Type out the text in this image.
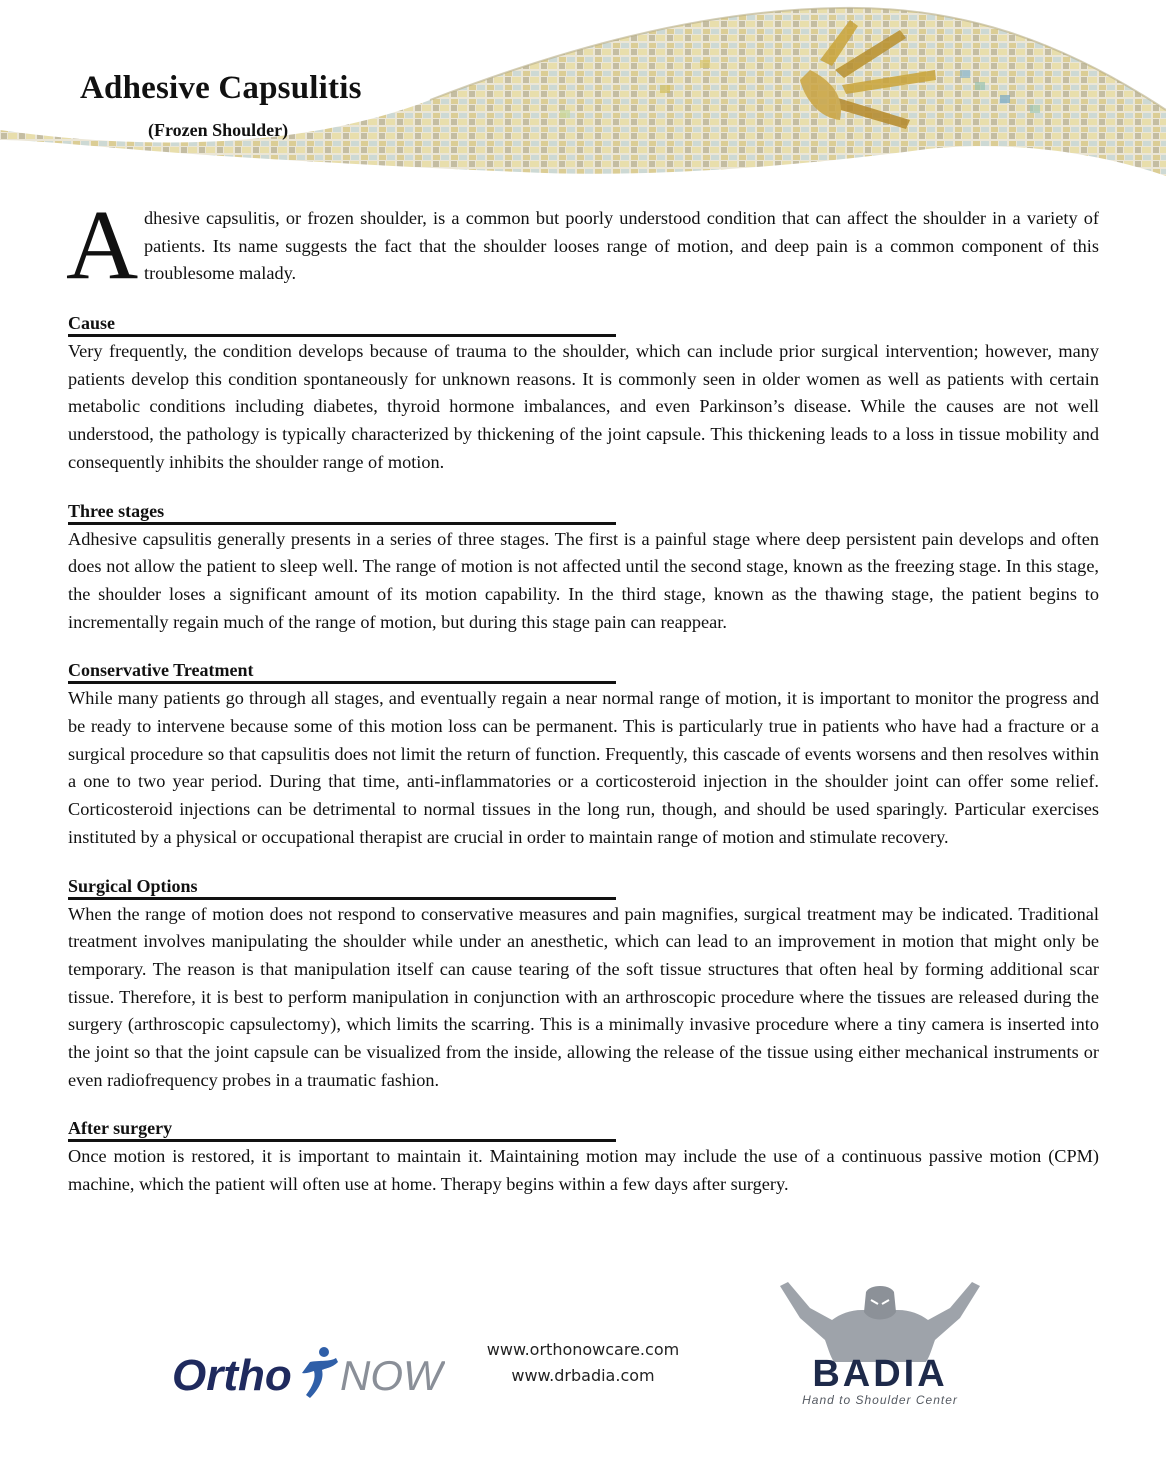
Adhesive Capsulitis
(Frozen Shoulder)
A dhesive capsulitis, or frozen shoulder, is a common but poorly understood condition that can affect the shoulder in a variety of patients. Its name suggests the fact that the shoulder looses range of motion, and deep pain is a common component of this troublesome malady.
Cause

Very frequently, the condition develops because of trauma to the shoulder, which can include prior surgical intervention; however, many patients develop this condition spontaneously for unknown reasons. It is commonly seen in older women as well as patients with certain metabolic conditions including diabetes, thyroid hormone imbalances, and even Parkinson’s disease. While the causes are not well understood, the pathology is typically characterized by thickening of the joint capsule. This thickening leads to a loss in tissue mobility and consequently inhibits the shoulder range of motion.

Three stages

Adhesive capsulitis generally presents in a series of three stages. The first is a painful stage where deep persistent pain develops and often does not allow the patient to sleep well. The range of motion is not affected until the second stage, known as the freezing stage. In this stage, the shoulder loses a significant amount of its motion capability. In the third stage, known as the thawing stage, the patient begins to incrementally regain much of the range of motion, but during this stage pain can reappear.

Conservative Treatment

While many patients go through all stages, and eventually regain a near normal range of motion, it is important to monitor the progress and be ready to intervene because some of this motion loss can be permanent. This is particularly true in patients who have had a fracture or a surgical procedure so that capsulitis does not limit the return of function. Frequently, this cascade of events worsens and then resolves within a one to two year period. During that time, anti-inflammatories or a corticosteroid injection in the shoulder joint can offer some relief. Corticosteroid injections can be detrimental to normal tissues in the long run, though, and should be used sparingly. Particular exercises instituted by a physical or occupational therapist are crucial in order to maintain range of motion and stimulate recovery.

Surgical Options

When the range of motion does not respond to conservative measures and pain magnifies, surgical treatment may be indicated. Traditional treatment involves manipulating the shoulder while under an anesthetic, which can lead to an improvement in motion that might only be temporary. The reason is that manipulation itself can cause tearing of the soft tissue structures that often heal by forming additional scar tissue. Therefore, it is best to perform manipulation in conjunction with an arthroscopic procedure where the tissues are released during the surgery (arthroscopic capsulectomy), which limits the scarring. This is a minimally invasive procedure where a tiny camera is inserted into the joint so that the joint capsule can be visualized from the inside, allowing the release of the tissue using either mechanical instruments or even radiofrequency probes in a traumatic fashion.

After surgery

Once motion is restored, it is important to maintain it. Maintaining motion may include the use of a continuous passive motion (CPM) machine, which the patient will often use at home. Therapy begins within a few days after surgery.

Ortho NOW
www.orthonowcare.com
www.drbadia.com	BADIA
Hand to Shoulder Center
